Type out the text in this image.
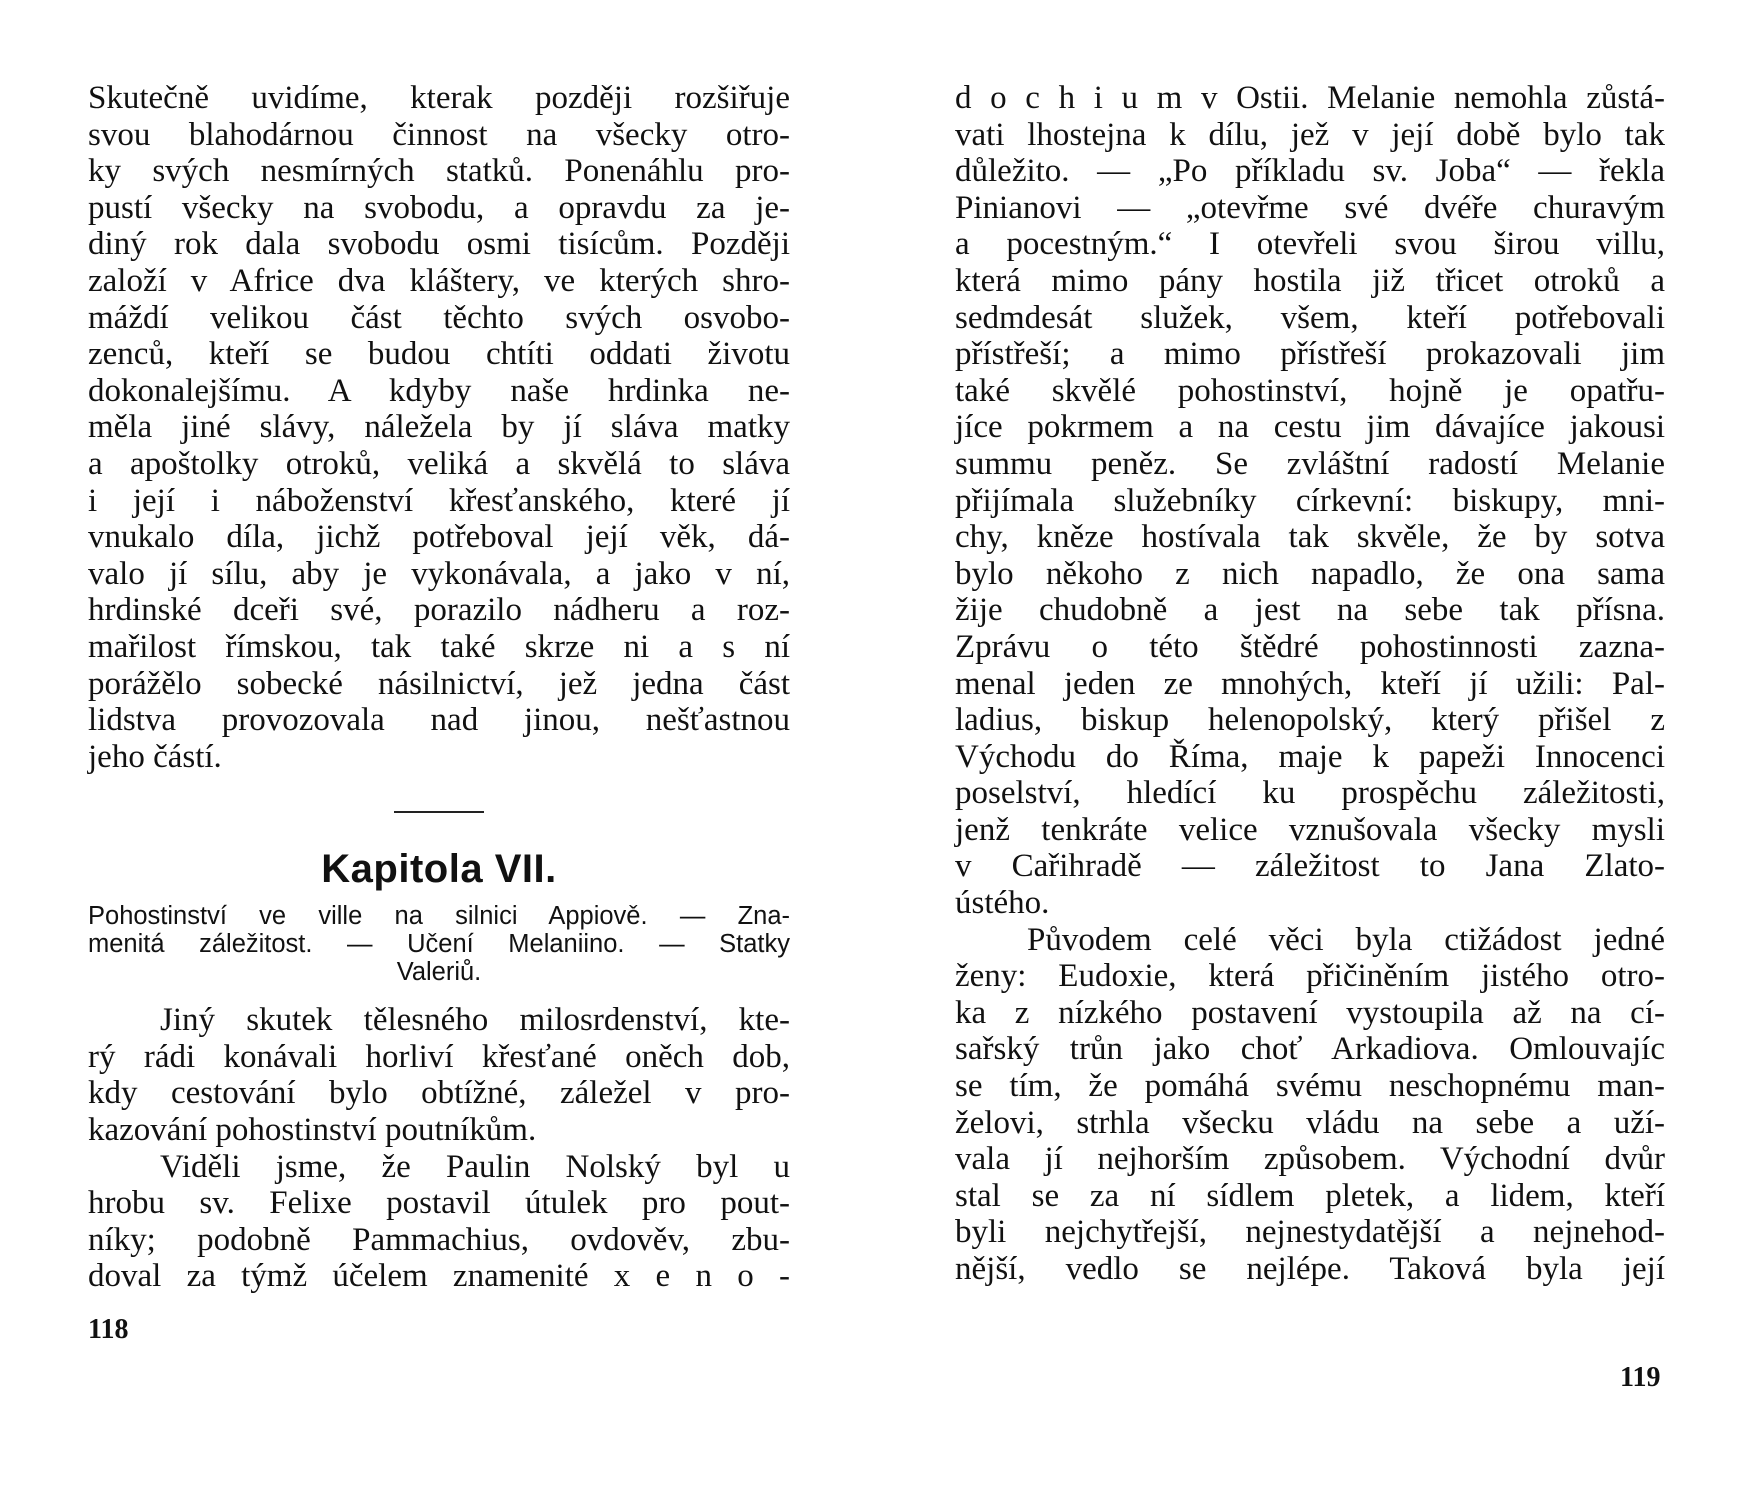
Skutečně uvidíme, kterak později rozšiřuje
svou blahodárnou činnost na všecky otro-
ky svých nesmírných statků. Ponenáhlu pro-
pustí všecky na svobodu, a opravdu za je-
diný rok dala svobodu osmi tisícům. Později
založí v Africe dva kláštery, ve kterých shro-
máždí velikou část těchto svých osvobo-
zenců, kteří se budou chtíti oddati životu
dokonalejšímu. A kdyby naše hrdinka ne-
měla jiné slávy, náležela by jí sláva matky
a apoštolky otroků, veliká a skvělá to sláva
i její i náboženství křesťanského, které jí
vnukalo díla, jichž potřeboval její věk, dá-
valo jí sílu, aby je vykonávala, a jako v ní,
hrdinské dceři své, porazilo nádheru a roz-
mařilost římskou, tak také skrze ni a s ní
porážělo sobecké násilnictví, jež jedna část
lidstva provozovala nad jinou, nešťastnou
jeho částí.

Kapitola VII.
Pohostinství ve ville na silnici Appiově. — Zna-
menitá záležitost. — Učení Melaniino. — Statky
Valeriů.

Jiný skutek tělesného milosrdenství, kte-
rý rádi konávali horliví křesťané oněch dob,
kdy cestování bylo obtížné, záležel v pro-
kazování pohostinství poutníkům.

Viděli jsme, že Paulin Nolský byl u
hrobu sv. Felixe postavil útulek pro pout-
níky; podobně Pammachius, ovdověv, zbu-
doval za týmž účelem znamenité x e n o -

118

d o c h i u m v Ostii. Melanie nemohla zůstá-
vati lhostejna k dílu, jež v její době bylo tak
důležito. — „Po příkladu sv. Joba“ — řekla
Pinianovi — „otevřme své dvéře churavým
a pocestným.“ I otevřeli svou širou villu,
která mimo pány hostila již třicet otroků a
sedmdesát služek, všem, kteří potřebovali
přístřeší; a mimo přístřeší prokazovali jim
také skvělé pohostinství, hojně je opatřu-
jíce pokrmem a na cestu jim dávajíce jakousi
summu peněz. Se zvláštní radostí Melanie
přijímala služebníky církevní: biskupy, mni-
chy, kněze hostívala tak skvěle, že by sotva
bylo někoho z nich napadlo, že ona sama
žije chudobně a jest na sebe tak přísna.
Zprávu o této štědré pohostinnosti zazna-
menal jeden ze mnohých, kteří jí užili: Pal-
ladius, biskup helenopolský, který přišel z
Východu do Říma, maje k papeži Innocenci
poselství, hledící ku prospěchu záležitosti,
jenž tenkráte velice vznušovala všecky mysli
v Cařihradě — záležitost to Jana Zlato-
ústého.

Původem celé věci byla ctižádost jedné
ženy: Eudoxie, která přičiněním jistého otro-
ka z nízkého postavení vystoupila až na cí-
sařský trůn jako choť Arkadiova. Omlouvajíc
se tím, že pomáhá svému neschopnému man-
želovi, strhla všecku vládu na sebe a uží-
vala jí nejhorším způsobem. Východní dvůr
stal se za ní sídlem pletek, a lidem, kteří
byli nejchytřejší, nejnestydatější a nejnehod-
nější, vedlo se nejlépe. Taková byla její

119
